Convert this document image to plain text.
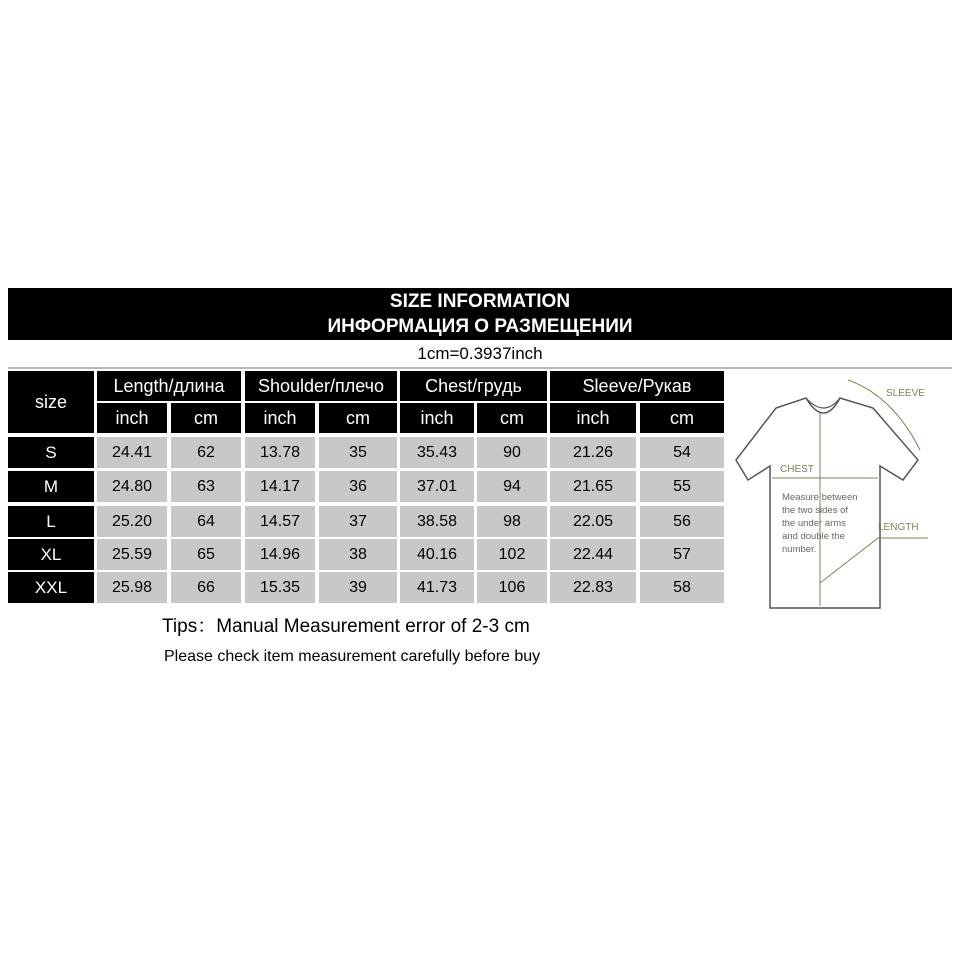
SIZE INFORMATION
ИНФОРМАЦИЯ О РАЗМЕЩЕНИИ
1cm=0.3937inch
size
Length/длина	Shoulder/плечо	Chest/грудь	Sleeve/Рукав
inch	cm	inch	cm	inch	cm	inch	cm
S	24.41	62	13.78	35	35.43	90	21.26	54
M	24.80	63	14.17	36	37.01	94	21.65	55
L	25.20	64	14.57	37	38.58	98	22.05	56
XL	25.59	65	14.96	38	40.16	102	22.44	57
XXL	25.98	66	15.35	39	41.73	106	22.83	58
Tips：Manual Measurement error of 2-3 cm
Please check item measurement carefully before buy
SLEEVE
CHEST
LENGTH
Measure between the two sides of the under arms and double the number.
